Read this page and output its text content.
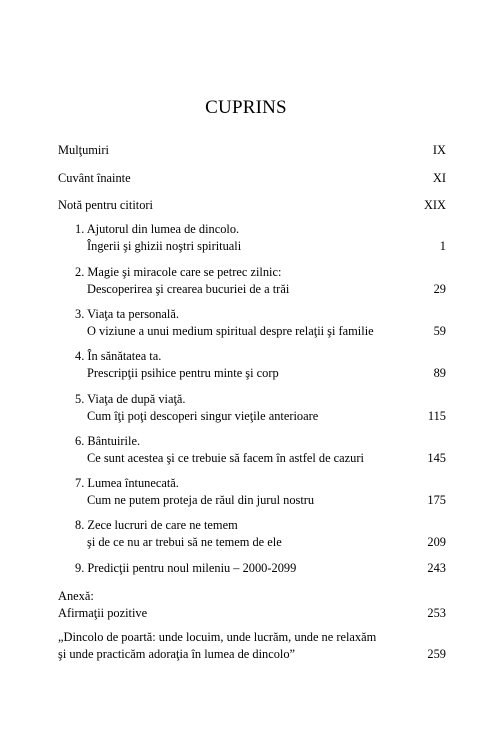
CUPRINS
Mulţumiri	IX
Cuvânt înainte	XI
Notă pentru cititori	XIX
1. Ajutorul din lumea de dincolo.
Îngerii şi ghizii noştri spirituali	1
2. Magie şi miracole care se petrec zilnic:
Descoperirea şi crearea bucuriei de a trăi	29
3. Viaţa ta personală.
O viziune a unui medium spiritual despre relaţii şi familie	59
4. În sănătatea ta.
Prescripţii psihice pentru minte şi corp	89
5. Viaţa de după viaţă.
Cum îţi poţi descoperi singur vieţile anterioare	115
6. Bântuirile.
Ce sunt acestea şi ce trebuie să facem în astfel de cazuri	145
7. Lumea întunecată.
Cum ne putem proteja de răul din jurul nostru	175
8. Zece lucruri de care ne temem
şi de ce nu ar trebui să ne temem de ele	209
9. Predicţii pentru noul mileniu – 2000-2099	243
Anexă:
Afirmaţii pozitive	253
„Dincolo de poartă: unde locuim, unde lucrăm, unde ne relaxăm
şi unde practicăm adoraţia în lumea de dincolo”	259
